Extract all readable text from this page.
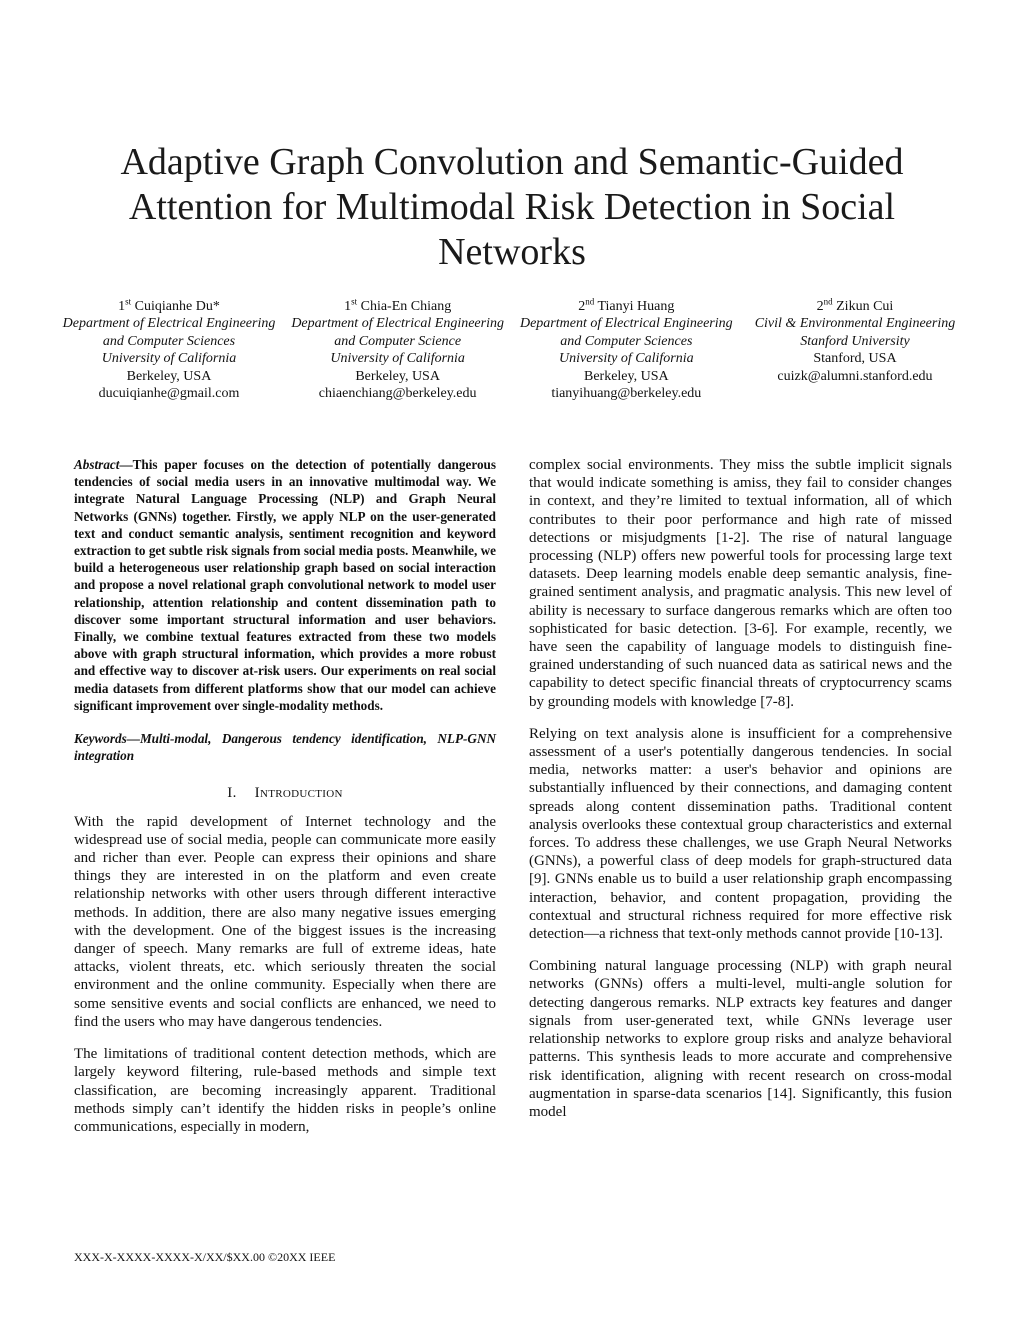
Adaptive Graph Convolution and Semantic-Guided Attention for Multimodal Risk Detection in Social Networks
1st Cuiqianhe Du*
Department of Electrical Engineering and Computer Sciences
University of California
Berkeley, USA
ducuiqianhe@gmail.com
1st Chia-En Chiang
Department of Electrical Engineering and Computer Science
University of California
Berkeley, USA
chiaenchiang@berkeley.edu
2nd Tianyi Huang
Department of Electrical Engineering and Computer Sciences
University of California
Berkeley, USA
tianyihuang@berkeley.edu
2nd Zikun Cui
Civil & Environmental Engineering
Stanford University
Stanford, USA
cuizk@alumni.stanford.edu

Abstract—This paper focuses on the detection of potentially dangerous tendencies of social media users in an innovative multimodal way. We integrate Natural Language Processing (NLP) and Graph Neural Networks (GNNs) together. Firstly, we apply NLP on the user-generated text and conduct semantic analysis, sentiment recognition and keyword extraction to get subtle risk signals from social media posts. Meanwhile, we build a heterogeneous user relationship graph based on social interaction and propose a novel relational graph convolutional network to model user relationship, attention relationship and content dissemination path to discover some important structural information and user behaviors. Finally, we combine textual features extracted from these two models above with graph structural information, which provides a more robust and effective way to discover at-risk users. Our experiments on real social media datasets from different platforms show that our model can achieve significant improvement over single-modality methods.

Keywords—Multi-modal, Dangerous tendency identification, NLP-GNN integration

I. Introduction

With the rapid development of Internet technology and the widespread use of social media, people can communicate more easily and richer than ever. People can express their opinions and share things they are interested in on the platform and even create relationship networks with other users through different interactive methods. In addition, there are also many negative issues emerging with the development. One of the biggest issues is the increasing danger of speech. Many remarks are full of extreme ideas, hate attacks, violent threats, etc. which seriously threaten the social environment and the online community. Especially when there are some sensitive events and social conflicts are enhanced, we need to find the users who may have dangerous tendencies.

The limitations of traditional content detection methods, which are largely keyword filtering, rule-based methods and simple text classification, are becoming increasingly apparent. Traditional methods simply can’t identify the hidden risks in people’s online communications, especially in modern,

complex social environments. They miss the subtle implicit signals that would indicate something is amiss, they fail to consider changes in context, and they’re limited to textual information, all of which contributes to their poor performance and high rate of missed detections or misjudgments [1-2]. The rise of natural language processing (NLP) offers new powerful tools for processing large text datasets. Deep learning models enable deep semantic analysis, fine-grained sentiment analysis, and pragmatic analysis. This new level of ability is necessary to surface dangerous remarks which are often too sophisticated for basic detection. [3-6]. For example, recently, we have seen the capability of language models to distinguish fine-grained understanding of such nuanced data as satirical news and the capability to detect specific financial threats of cryptocurrency scams by grounding models with knowledge [7-8].

Relying on text analysis alone is insufficient for a comprehensive assessment of a user's potentially dangerous tendencies. In social media, networks matter: a user's behavior and opinions are substantially influenced by their connections, and damaging content spreads along content dissemination paths. Traditional content analysis overlooks these contextual group characteristics and external forces. To address these challenges, we use Graph Neural Networks (GNNs), a powerful class of deep models for graph-structured data [9]. GNNs enable us to build a user relationship graph encompassing interaction, behavior, and content propagation, providing the contextual and structural richness required for more effective risk detection—a richness that text-only methods cannot provide [10-13].

Combining natural language processing (NLP) with graph neural networks (GNNs) offers a multi-level, multi-angle solution for detecting dangerous remarks. NLP extracts key features and danger signals from user-generated text, while GNNs leverage user relationship networks to explore group risks and analyze behavioral patterns. This synthesis leads to more accurate and comprehensive risk identification, aligning with recent research on cross-modal augmentation in sparse-data scenarios [14]. Significantly, this fusion model

XXX-X-XXXX-XXXX-X/XX/$XX.00 ©20XX IEEE
